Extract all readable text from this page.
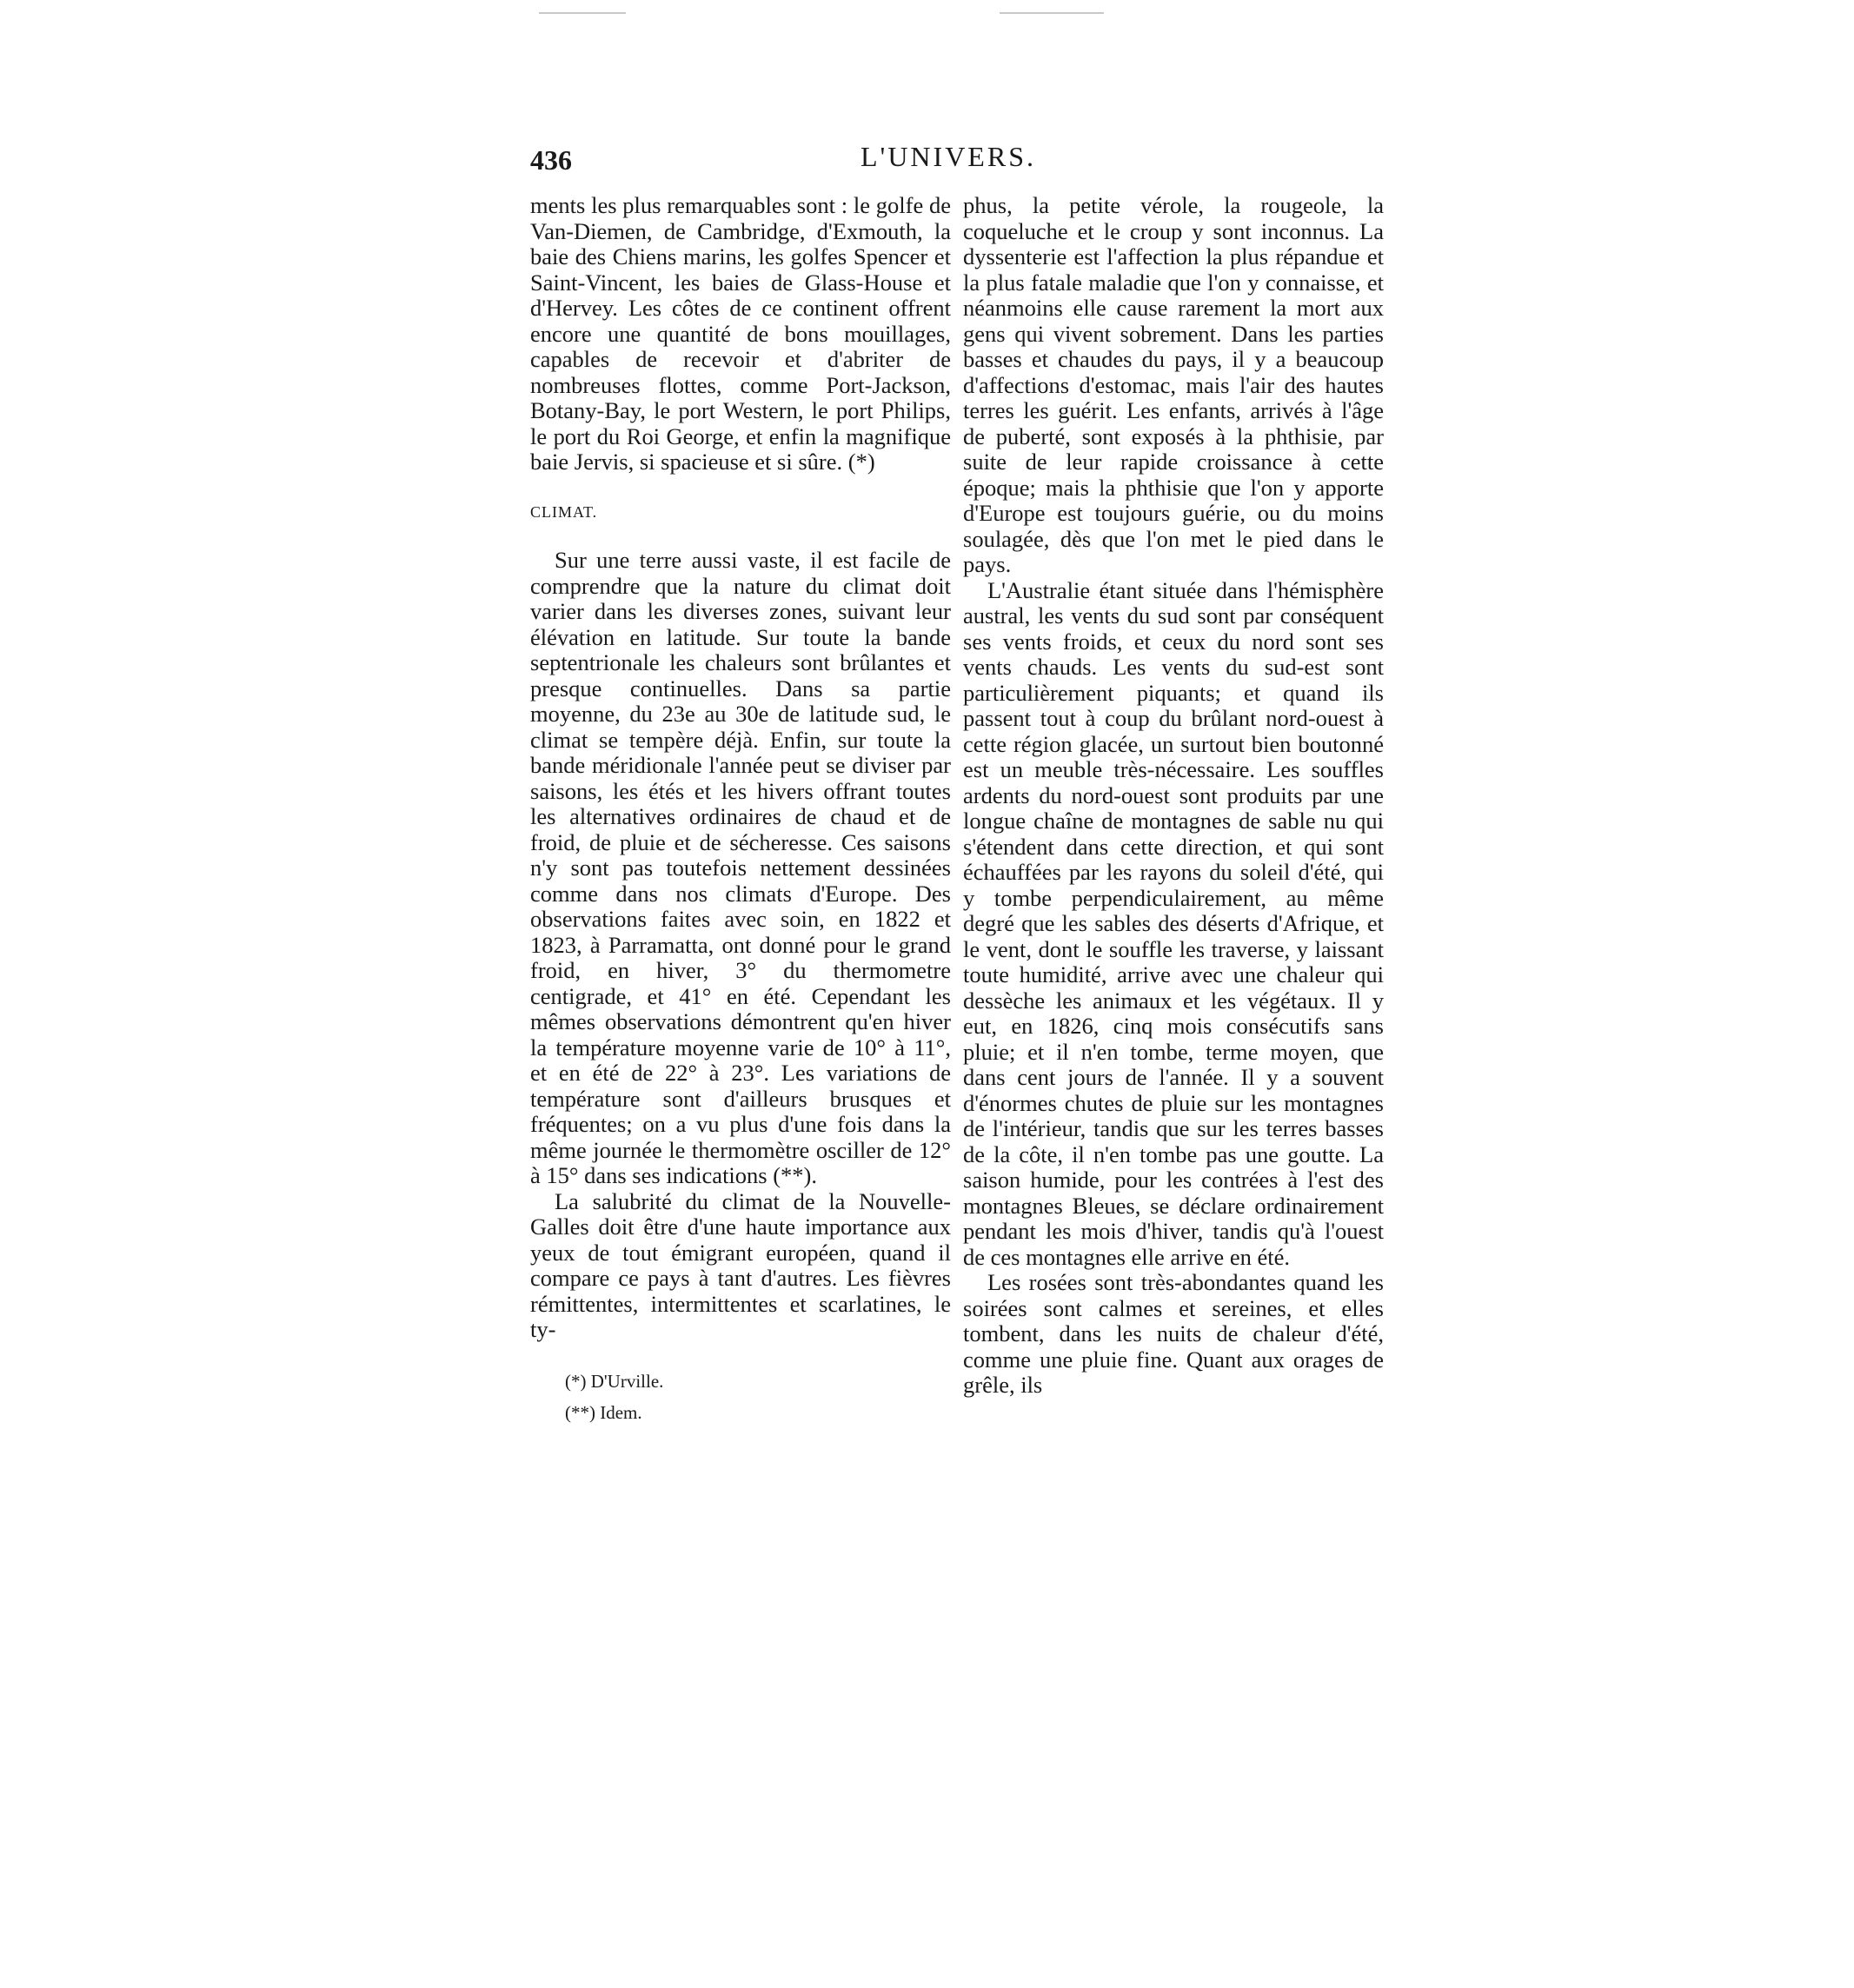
436	L'UNIVERS.

ments les plus remarquables sont : le golfe de Van-Diemen, de Cambridge, d'Exmouth, la baie des Chiens marins, les golfes Spencer et Saint-Vincent, les baies de Glass-House et d'Hervey. Les côtes de ce continent offrent encore une quantité de bons mouillages, capables de recevoir et d'abriter de nombreuses flottes, comme Port-Jackson, Botany-Bay, le port Western, le port Philips, le port du Roi George, et enfin la magnifique baie Jervis, si spacieuse et si sûre. (*)

CLIMAT.

Sur une terre aussi vaste, il est facile de comprendre que la nature du climat doit varier dans les diverses zones, suivant leur élévation en latitude. Sur toute la bande septentrionale les chaleurs sont brûlantes et presque continuelles. Dans sa partie moyenne, du 23e au 30e de latitude sud, le climat se tempère déjà. Enfin, sur toute la bande méridionale l'année peut se diviser par saisons, les étés et les hivers offrant toutes les alternatives ordinaires de chaud et de froid, de pluie et de sécheresse. Ces saisons n'y sont pas toutefois nettement dessinées comme dans nos climats d'Europe. Des observations faites avec soin, en 1822 et 1823, à Parramatta, ont donné pour le grand froid, en hiver, 3° du thermometre centigrade, et 41° en été. Cependant les mêmes observations démontrent qu'en hiver la température moyenne varie de 10° à 11°, et en été de 22° à 23°. Les variations de température sont d'ailleurs brusques et fréquentes; on a vu plus d'une fois dans la même journée le thermomètre osciller de 12° à 15° dans ses indications (**).

La salubrité du climat de la Nouvelle-Galles doit être d'une haute importance aux yeux de tout émigrant européen, quand il compare ce pays à tant d'autres. Les fièvres rémittentes, intermittentes et scarlatines, le ty-

(*) D'Urville.
(**) Idem.

phus, la petite vérole, la rougeole, la coqueluche et le croup y sont inconnus. La dyssenterie est l'affection la plus répandue et la plus fatale maladie que l'on y connaisse, et néanmoins elle cause rarement la mort aux gens qui vivent sobrement. Dans les parties basses et chaudes du pays, il y a beaucoup d'affections d'estomac, mais l'air des hautes terres les guérit. Les enfants, arrivés à l'âge de puberté, sont exposés à la phthisie, par suite de leur rapide croissance à cette époque; mais la phthisie que l'on y apporte d'Europe est toujours guérie, ou du moins soulagée, dès que l'on met le pied dans le pays.

L'Australie étant située dans l'hémisphère austral, les vents du sud sont par conséquent ses vents froids, et ceux du nord sont ses vents chauds. Les vents du sud-est sont particulièrement piquants; et quand ils passent tout à coup du brûlant nord-ouest à cette région glacée, un surtout bien boutonné est un meuble très-nécessaire. Les souffles ardents du nord-ouest sont produits par une longue chaîne de montagnes de sable nu qui s'étendent dans cette direction, et qui sont échauffées par les rayons du soleil d'été, qui y tombe perpendiculairement, au même degré que les sables des déserts d'Afrique, et le vent, dont le souffle les traverse, y laissant toute humidité, arrive avec une chaleur qui dessèche les animaux et les végétaux. Il y eut, en 1826, cinq mois consécutifs sans pluie; et il n'en tombe, terme moyen, que dans cent jours de l'année. Il y a souvent d'énormes chutes de pluie sur les montagnes de l'intérieur, tandis que sur les terres basses de la côte, il n'en tombe pas une goutte. La saison humide, pour les contrées à l'est des montagnes Bleues, se déclare ordinairement pendant les mois d'hiver, tandis qu'à l'ouest de ces montagnes elle arrive en été.

Les rosées sont très-abondantes quand les soirées sont calmes et sereines, et elles tombent, dans les nuits de chaleur d'été, comme une pluie fine. Quant aux orages de grêle, ils
